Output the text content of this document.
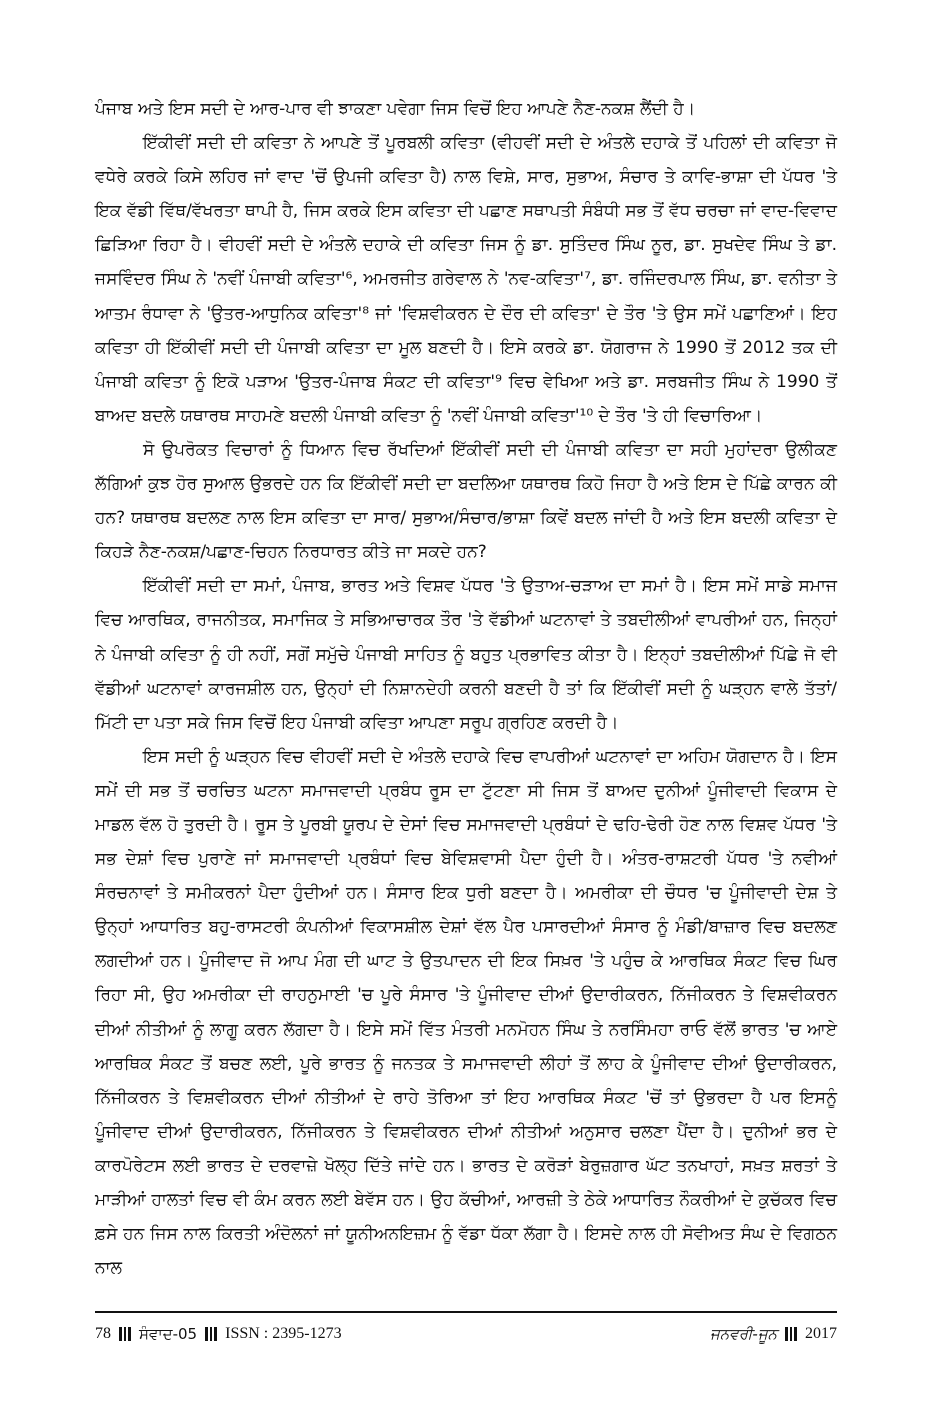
ਪੰਜਾਬ ਅਤੇ ਇਸ ਸਦੀ ਦੇ ਆਰ-ਪਾਰ ਵੀ ਝਾਕਣਾ ਪਵੇਗਾ ਜਿਸ ਵਿਚੋਂ ਇਹ ਆਪਣੇ ਨੈਣ-ਨਕਸ਼ ਲੈਂਦੀ ਹੈ।

ਇੱਕੀਵੀਂ ਸਦੀ ਦੀ ਕਵਿਤਾ ਨੇ ਆਪਣੇ ਤੋਂ ਪੂਰਬਲੀ ਕਵਿਤਾ (ਵੀਹਵੀਂ ਸਦੀ ਦੇ ਅੰਤਲੇ ਦਹਾਕੇ ਤੋਂ ਪਹਿਲਾਂ ਦੀ ਕਵਿਤਾ ਜੋ ਵਧੇਰੇ ਕਰਕੇ ਕਿਸੇ ਲਹਿਰ ਜਾਂ ਵਾਦ 'ਚੋਂ ਉਪਜੀ ਕਵਿਤਾ ਹੈ) ਨਾਲ ਵਿਸ਼ੇ, ਸਾਰ, ਸੁਭਾਅ, ਸੰਚਾਰ ਤੇ ਕਾਵਿ-ਭਾਸ਼ਾ ਦੀ ਪੱਧਰ 'ਤੇ ਇਕ ਵੱਡੀ ਵਿੱਥ/ਵੱਖਰਤਾ ਥਾਪੀ ਹੈ, ਜਿਸ ਕਰਕੇ ਇਸ ਕਵਿਤਾ ਦੀ ਪਛਾਣ ਸਥਾਪਤੀ ਸੰਬੰਧੀ ਸਭ ਤੋਂ ਵੱਧ ਚਰਚਾ ਜਾਂ ਵਾਦ-ਵਿਵਾਦ ਛਿੜਿਆ ਰਿਹਾ ਹੈ। ਵੀਹਵੀਂ ਸਦੀ ਦੇ ਅੰਤਲੇ ਦਹਾਕੇ ਦੀ ਕਵਿਤਾ ਜਿਸ ਨੂੰ ਡਾ. ਸੁਤਿੰਦਰ ਸਿੰਘ ਨੂਰ, ਡਾ. ਸੁਖਦੇਵ ਸਿੰਘ ਤੇ ਡਾ. ਜਸਵਿੰਦਰ ਸਿੰਘ ਨੇ 'ਨਵੀਂ ਪੰਜਾਬੀ ਕਵਿਤਾ'⁶, ਅਮਰਜੀਤ ਗਰੇਵਾਲ ਨੇ 'ਨਵ-ਕਵਿਤਾ'⁷, ਡਾ. ਰਜਿੰਦਰਪਾਲ ਸਿੰਘ, ਡਾ. ਵਨੀਤਾ ਤੇ ਆਤਮ ਰੰਧਾਵਾ ਨੇ 'ਉਤਰ-ਆਧੁਨਿਕ ਕਵਿਤਾ'⁸ ਜਾਂ 'ਵਿਸ਼ਵੀਕਰਨ ਦੇ ਦੌਰ ਦੀ ਕਵਿਤਾ' ਦੇ ਤੌਰ 'ਤੇ ਉਸ ਸਮੇਂ ਪਛਾਣਿਆਂ। ਇਹ ਕਵਿਤਾ ਹੀ ਇੱਕੀਵੀਂ ਸਦੀ ਦੀ ਪੰਜਾਬੀ ਕਵਿਤਾ ਦਾ ਮੂਲ ਬਣਦੀ ਹੈ। ਇਸੇ ਕਰਕੇ ਡਾ. ਯੋਗਰਾਜ ਨੇ 1990 ਤੋਂ 2012 ਤਕ ਦੀ ਪੰਜਾਬੀ ਕਵਿਤਾ ਨੂੰ ਇਕੋ ਪੜਾਅ 'ਉਤਰ-ਪੰਜਾਬ ਸੰਕਟ ਦੀ ਕਵਿਤਾ'⁹ ਵਿਚ ਵੇਖਿਆ ਅਤੇ ਡਾ. ਸਰਬਜੀਤ ਸਿੰਘ ਨੇ 1990 ਤੋਂ ਬਾਅਦ ਬਦਲੇ ਯਥਾਰਥ ਸਾਹਮਣੇ ਬਦਲੀ ਪੰਜਾਬੀ ਕਵਿਤਾ ਨੂੰ 'ਨਵੀਂ ਪੰਜਾਬੀ ਕਵਿਤਾ'¹⁰ ਦੇ ਤੌਰ 'ਤੇ ਹੀ ਵਿਚਾਰਿਆ।

ਸੋ ਉਪਰੋਕਤ ਵਿਚਾਰਾਂ ਨੂੰ ਧਿਆਨ ਵਿਚ ਰੱਖਦਿਆਂ ਇੱਕੀਵੀਂ ਸਦੀ ਦੀ ਪੰਜਾਬੀ ਕਵਿਤਾ ਦਾ ਸਹੀ ਮੁਹਾਂਦਰਾ ਉਲੀਕਣ ਲੱਗਿਆਂ ਕੁਝ ਹੋਰ ਸੁਆਲ ਉਭਰਦੇ ਹਨ ਕਿ ਇੱਕੀਵੀਂ ਸਦੀ ਦਾ ਬਦਲਿਆ ਯਥਾਰਥ ਕਿਹੋ ਜਿਹਾ ਹੈ ਅਤੇ ਇਸ ਦੇ ਪਿੱਛੇ ਕਾਰਨ ਕੀ ਹਨ? ਯਥਾਰਥ ਬਦਲਣ ਨਾਲ ਇਸ ਕਵਿਤਾ ਦਾ ਸਾਰ/ ਸੁਭਾਅ/ਸੰਚਾਰ/ਭਾਸ਼ਾ ਕਿਵੇਂ ਬਦਲ ਜਾਂਦੀ ਹੈ ਅਤੇ ਇਸ ਬਦਲੀ ਕਵਿਤਾ ਦੇ ਕਿਹੜੇ ਨੈਣ-ਨਕਸ਼/ਪਛਾਣ-ਚਿਹਨ ਨਿਰਧਾਰਤ ਕੀਤੇ ਜਾ ਸਕਦੇ ਹਨ?

ਇੱਕੀਵੀਂ ਸਦੀ ਦਾ ਸਮਾਂ, ਪੰਜਾਬ, ਭਾਰਤ ਅਤੇ ਵਿਸ਼ਵ ਪੱਧਰ 'ਤੇ ਉਤਾਅ-ਚੜਾਅ ਦਾ ਸਮਾਂ ਹੈ। ਇਸ ਸਮੇਂ ਸਾਡੇ ਸਮਾਜ ਵਿਚ ਆਰਥਿਕ, ਰਾਜਨੀਤਕ, ਸਮਾਜਿਕ ਤੇ ਸਭਿਆਚਾਰਕ ਤੌਰ 'ਤੇ ਵੱਡੀਆਂ ਘਟਨਾਵਾਂ ਤੇ ਤਬਦੀਲੀਆਂ ਵਾਪਰੀਆਂ ਹਨ, ਜਿਨ੍ਹਾਂ ਨੇ ਪੰਜਾਬੀ ਕਵਿਤਾ ਨੂੰ ਹੀ ਨਹੀਂ, ਸਗੋਂ ਸਮੁੱਚੇ ਪੰਜਾਬੀ ਸਾਹਿਤ ਨੂੰ ਬਹੁਤ ਪ੍ਰਭਾਵਿਤ ਕੀਤਾ ਹੈ। ਇਨ੍ਹਾਂ ਤਬਦੀਲੀਆਂ ਪਿੱਛੇ ਜੋ ਵੀ ਵੱਡੀਆਂ ਘਟਨਾਵਾਂ ਕਾਰਜਸ਼ੀਲ ਹਨ, ਉਨ੍ਹਾਂ ਦੀ ਨਿਸ਼ਾਨਦੇਹੀ ਕਰਨੀ ਬਣਦੀ ਹੈ ਤਾਂ ਕਿ ਇੱਕੀਵੀਂ ਸਦੀ ਨੂੰ ਘੜ੍ਹਨ ਵਾਲੇ ਤੱਤਾਂ/ਮਿੱਟੀ ਦਾ ਪਤਾ ਸਕੇ ਜਿਸ ਵਿਚੋਂ ਇਹ ਪੰਜਾਬੀ ਕਵਿਤਾ ਆਪਣਾ ਸਰੂਪ ਗ੍ਰਹਿਣ ਕਰਦੀ ਹੈ।

ਇਸ ਸਦੀ ਨੂੰ ਘੜ੍ਹਨ ਵਿਚ ਵੀਹਵੀਂ ਸਦੀ ਦੇ ਅੰਤਲੇ ਦਹਾਕੇ ਵਿਚ ਵਾਪਰੀਆਂ ਘਟਨਾਵਾਂ ਦਾ ਅਹਿਮ ਯੋਗਦਾਨ ਹੈ। ਇਸ ਸਮੇਂ ਦੀ ਸਭ ਤੋਂ ਚਰਚਿਤ ਘਟਨਾ ਸਮਾਜਵਾਦੀ ਪ੍ਰਬੰਧ ਰੂਸ ਦਾ ਟੁੱਟਣਾ ਸੀ ਜਿਸ ਤੋਂ ਬਾਅਦ ਦੁਨੀਆਂ ਪੂੰਜੀਵਾਦੀ ਵਿਕਾਸ ਦੇ ਮਾਡਲ ਵੱਲ ਹੋ ਤੁਰਦੀ ਹੈ। ਰੂਸ ਤੇ ਪੂਰਬੀ ਯੂਰਪ ਦੇ ਦੇਸਾਂ ਵਿਚ ਸਮਾਜਵਾਦੀ ਪ੍ਰਬੰਧਾਂ ਦੇ ਢਹਿ-ਢੇਰੀ ਹੋਣ ਨਾਲ ਵਿਸ਼ਵ ਪੱਧਰ 'ਤੇ ਸਭ ਦੇਸ਼ਾਂ ਵਿਚ ਪੁਰਾਣੇ ਜਾਂ ਸਮਾਜਵਾਦੀ ਪ੍ਰਬੰਧਾਂ ਵਿਚ ਬੇਵਿਸ਼ਵਾਸੀ ਪੈਦਾ ਹੁੰਦੀ ਹੈ। ਅੰਤਰ-ਰਾਸ਼ਟਰੀ ਪੱਧਰ 'ਤੇ ਨਵੀਆਂ ਸੰਰਚਨਾਵਾਂ ਤੇ ਸਮੀਕਰਨਾਂ ਪੈਦਾ ਹੁੰਦੀਆਂ ਹਨ। ਸੰਸਾਰ ਇਕ ਧੁਰੀ ਬਣਦਾ ਹੈ। ਅਮਰੀਕਾ ਦੀ ਚੌਧਰ 'ਚ ਪੂੰਜੀਵਾਦੀ ਦੇਸ਼ ਤੇ ਉਨ੍ਹਾਂ ਆਧਾਰਿਤ ਬਹੁ-ਰਾਸਟਰੀ ਕੰਪਨੀਆਂ ਵਿਕਾਸਸ਼ੀਲ ਦੇਸ਼ਾਂ ਵੱਲ ਪੈਰ ਪਸਾਰਦੀਆਂ ਸੰਸਾਰ ਨੂੰ ਮੰਡੀ/ਬਾਜ਼ਾਰ ਵਿਚ ਬਦਲਣ ਲਗਦੀਆਂ ਹਨ। ਪੂੰਜੀਵਾਦ ਜੋ ਆਪ ਮੰਗ ਦੀ ਘਾਟ ਤੇ ਉਤਪਾਦਨ ਦੀ ਇਕ ਸਿਖ਼ਰ 'ਤੇ ਪਹੁੰਚ ਕੇ ਆਰਥਿਕ ਸੰਕਟ ਵਿਚ ਘਿਰ ਰਿਹਾ ਸੀ, ਉਹ ਅਮਰੀਕਾ ਦੀ ਰਾਹਨੁਮਾਈ 'ਚ ਪੂਰੇ ਸੰਸਾਰ 'ਤੇ ਪੂੰਜੀਵਾਦ ਦੀਆਂ ਉਦਾਰੀਕਰਨ, ਨਿੱਜੀਕਰਨ ਤੇ ਵਿਸ਼ਵੀਕਰਨ ਦੀਆਂ ਨੀਤੀਆਂ ਨੂੰ ਲਾਗੂ ਕਰਨ ਲੱਗਦਾ ਹੈ। ਇਸੇ ਸਮੇਂ ਵਿੱਤ ਮੰਤਰੀ ਮਨਮੋਹਨ ਸਿੰਘ ਤੇ ਨਰਸਿੰਮਹਾ ਰਾਓ ਵੱਲੋਂ ਭਾਰਤ 'ਚ ਆਏ ਆਰਥਿਕ ਸੰਕਟ ਤੋਂ ਬਚਣ ਲਈ, ਪੂਰੇ ਭਾਰਤ ਨੂੰ ਜਨਤਕ ਤੇ ਸਮਾਜਵਾਦੀ ਲੀਹਾਂ ਤੋਂ ਲਾਹ ਕੇ ਪੂੰਜੀਵਾਦ ਦੀਆਂ ਉਦਾਰੀਕਰਨ, ਨਿੱਜੀਕਰਨ ਤੇ ਵਿਸ਼ਵੀਕਰਨ ਦੀਆਂ ਨੀਤੀਆਂ ਦੇ ਰਾਹੇ ਤੋਰਿਆ ਤਾਂ ਇਹ ਆਰਥਿਕ ਸੰਕਟ 'ਚੋਂ ਤਾਂ ਉਭਰਦਾ ਹੈ ਪਰ ਇਸਨੂੰ ਪੂੰਜੀਵਾਦ ਦੀਆਂ ਉਦਾਰੀਕਰਨ, ਨਿੱਜੀਕਰਨ ਤੇ ਵਿਸ਼ਵੀਕਰਨ ਦੀਆਂ ਨੀਤੀਆਂ ਅਨੁਸਾਰ ਚਲਣਾ ਪੈਂਦਾ ਹੈ। ਦੁਨੀਆਂ ਭਰ ਦੇ ਕਾਰਪੋਰੇਟਸ ਲਈ ਭਾਰਤ ਦੇ ਦਰਵਾਜ਼ੇ ਖੋਲ੍ਹ ਦਿੱਤੇ ਜਾਂਦੇ ਹਨ। ਭਾਰਤ ਦੇ ਕਰੋੜਾਂ ਬੇਰੁਜ਼ਗਾਰ ਘੱਟ ਤਨਖਾਹਾਂ, ਸਖ਼ਤ ਸ਼ਰਤਾਂ ਤੇ ਮਾੜੀਆਂ ਹਾਲਤਾਂ ਵਿਚ ਵੀ ਕੰਮ ਕਰਨ ਲਈ ਬੇਵੱਸ ਹਨ। ਉਹ ਕੱਚੀਆਂ, ਆਰਜ਼ੀ ਤੇ ਠੇਕੇ ਆਧਾਰਿਤ ਨੌਕਰੀਆਂ ਦੇ ਕੁਚੱਕਰ ਵਿਚ ਫ਼ਸੇ ਹਨ ਜਿਸ ਨਾਲ ਕਿਰਤੀ ਅੰਦੋਲਨਾਂ ਜਾਂ ਯੂਨੀਅਨਇਜ਼ਮ ਨੂੰ ਵੱਡਾ ਧੱਕਾ ਲੱਗਾ ਹੈ। ਇਸਦੇ ਨਾਲ ਹੀ ਸੋਵੀਅਤ ਸੰਘ ਦੇ ਵਿਗਠਨ ਨਾਲ

78 ਸੰਵਾਦ-05 ISSN : 2395-1273	ਜਨਵਰੀ-ਜੂਨ 2017
